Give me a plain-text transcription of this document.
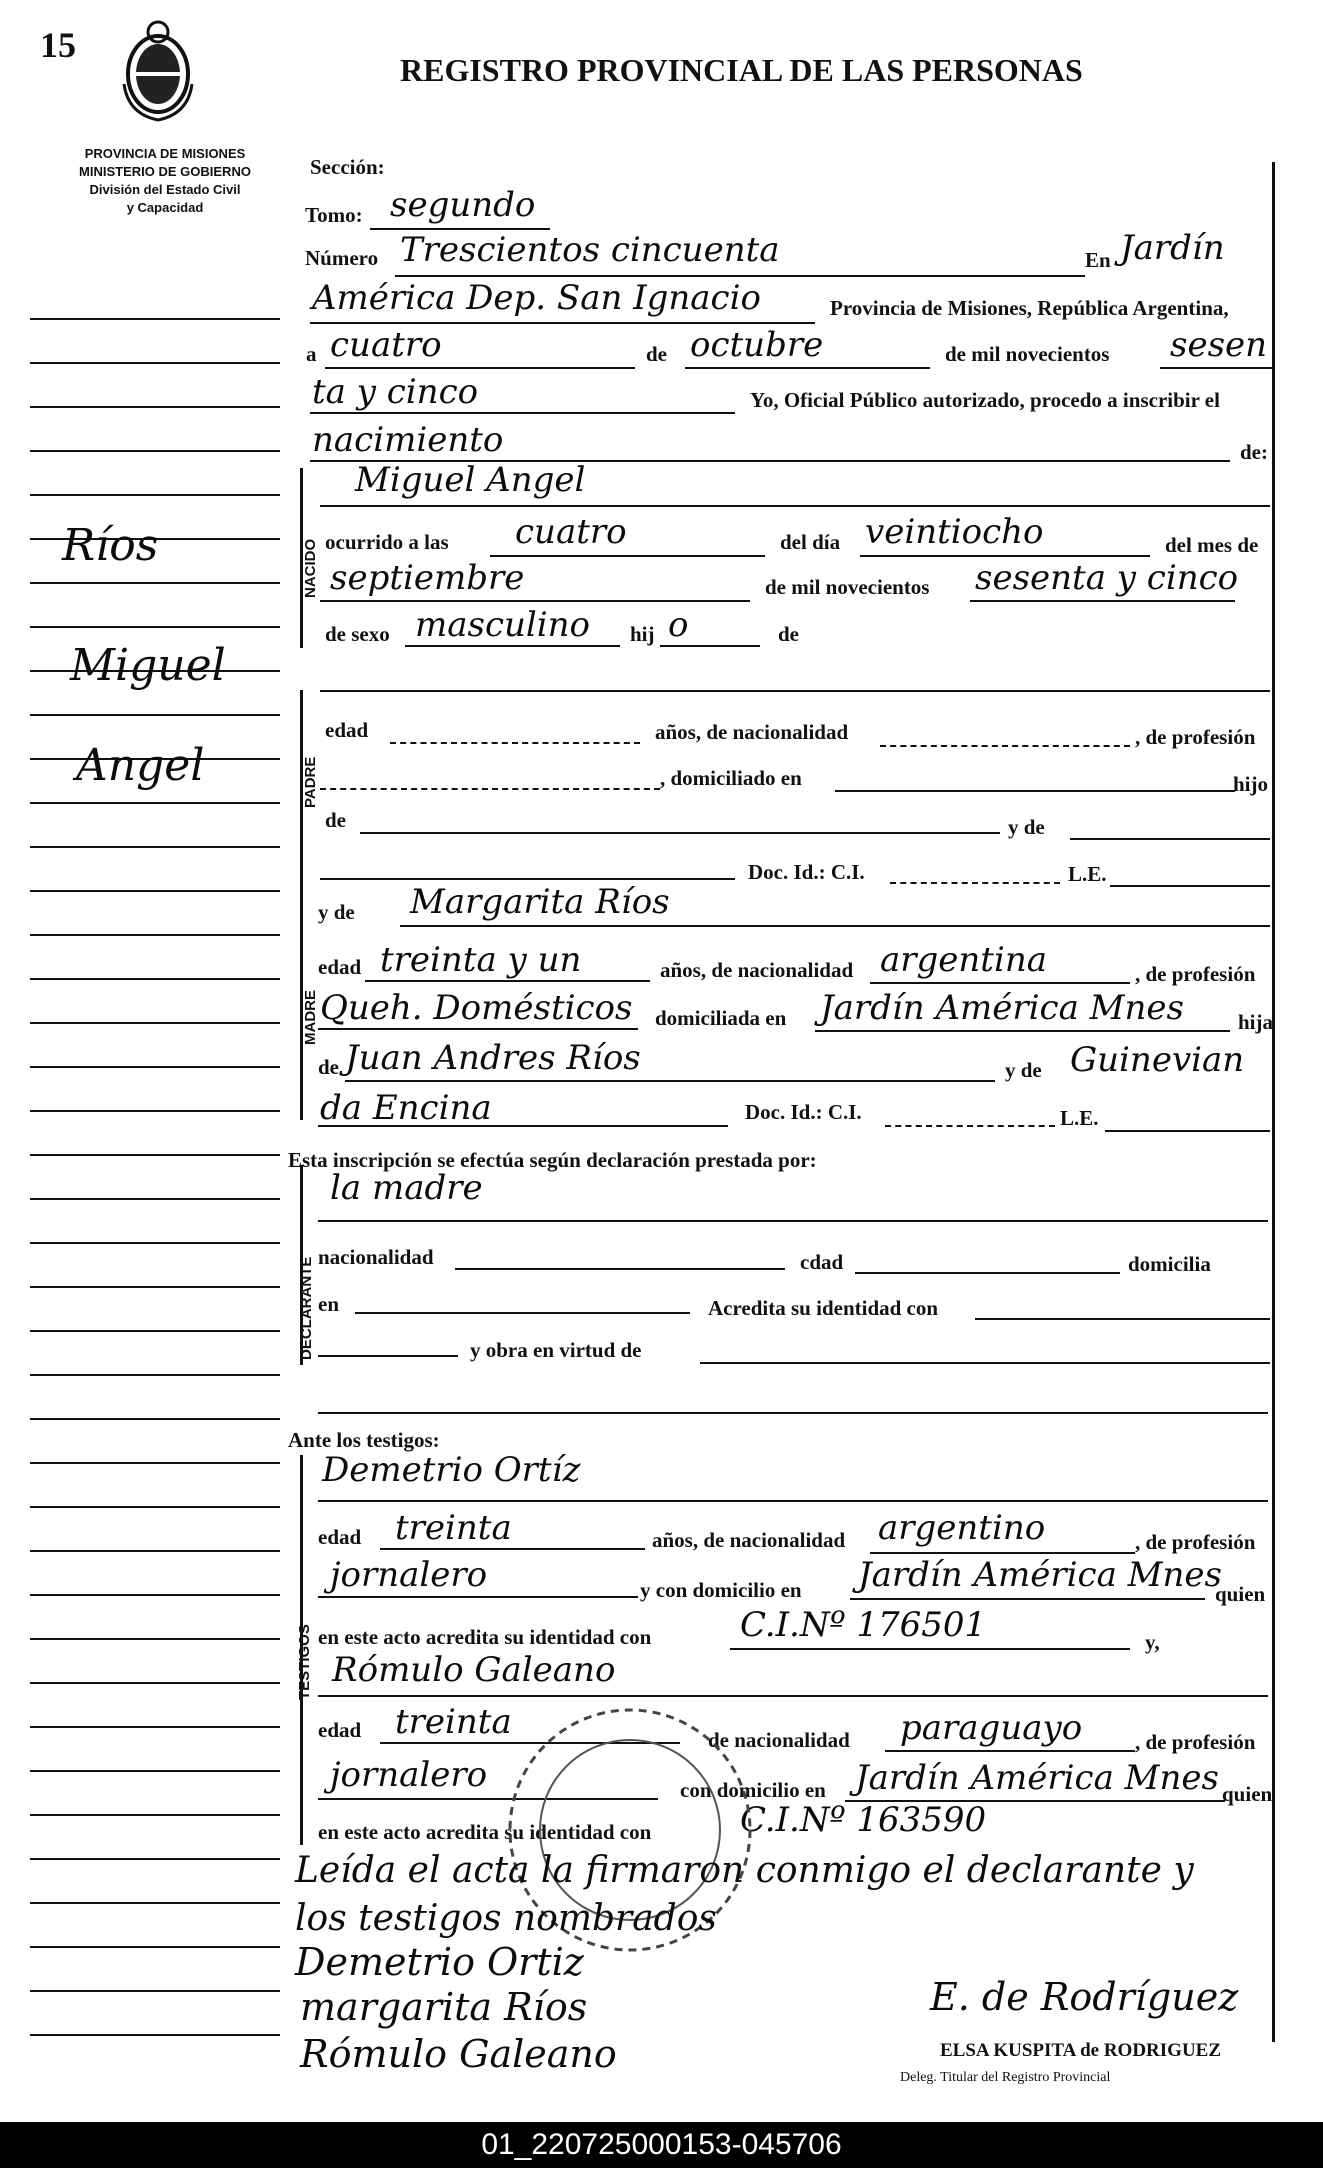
15
REGISTRO PROVINCIAL DE LAS PERSONAS
PROVINCIA DE MISIONES
MINISTERIO DE GOBIERNO
División del Estado Civil
y Capacidad
Ríos
Miguel
Angel
Sección:
Tomo: segundo
Número Trescientos cincuenta	En Jardín
América Dep. San Ignacio	Provincia de Misiones, República Argentina,
a cuatro	de octubre	de mil novecientos sesen
ta y cinco	Yo, Oficial Público autorizado, procedo a inscribir el
nacimiento	de:
NACIDO
Miguel Angel
ocurrido a las cuatro	del día veintiocho	del mes de
septiembre	de mil novecientos sesenta y cinco
de sexo masculino hij o	de
PADRE
edad	años, de nacionalidad	, de profesión
, domiciliado en	hijo
de	y de
Doc. Id.: C.I.	L.E.
MADRE
y de Margarita Ríos
edad treinta y un	años, de nacionalidad argentina	, de profesión
Queh. Domésticos domiciliada en Jardín América Mnes	hija
de Juan Andres Ríos	y de Guinevian
da Encina	Doc. Id.: C.I.	L.E.
Esta inscripción se efectúa según declaración prestada por:
DECLARANTE
la madre
nacionalidad	cdad	domicilia
en	Acredita su identidad con
y obra en virtud de
Ante los testigos:
TESTIGOS
Demetrio Ortíz
edad treinta	años, de nacionalidad argentino	, de profesión
jornalero	y con domicilio en Jardín América Mnes
quien
en este acto acredita su identidad con	C.I.Nº 176501	y,
Rómulo Galeano
edad treinta	de nacionalidad paraguayo	, de profesión
jornalero	con domicilio en Jardín América Mnes quien
en este acto acredita su identidad con	C.I.Nº 163590
Leída el acta la firmaron conmigo el declarante y
los testigos nombrados
Demetrio Ortiz
margarita Ríos
Rómulo Galeano
E. de Rodríguez
ELSA KUSPITA de RODRIGUEZ
Deleg. Titular del Registro Provincial
01_220725000153-045706
